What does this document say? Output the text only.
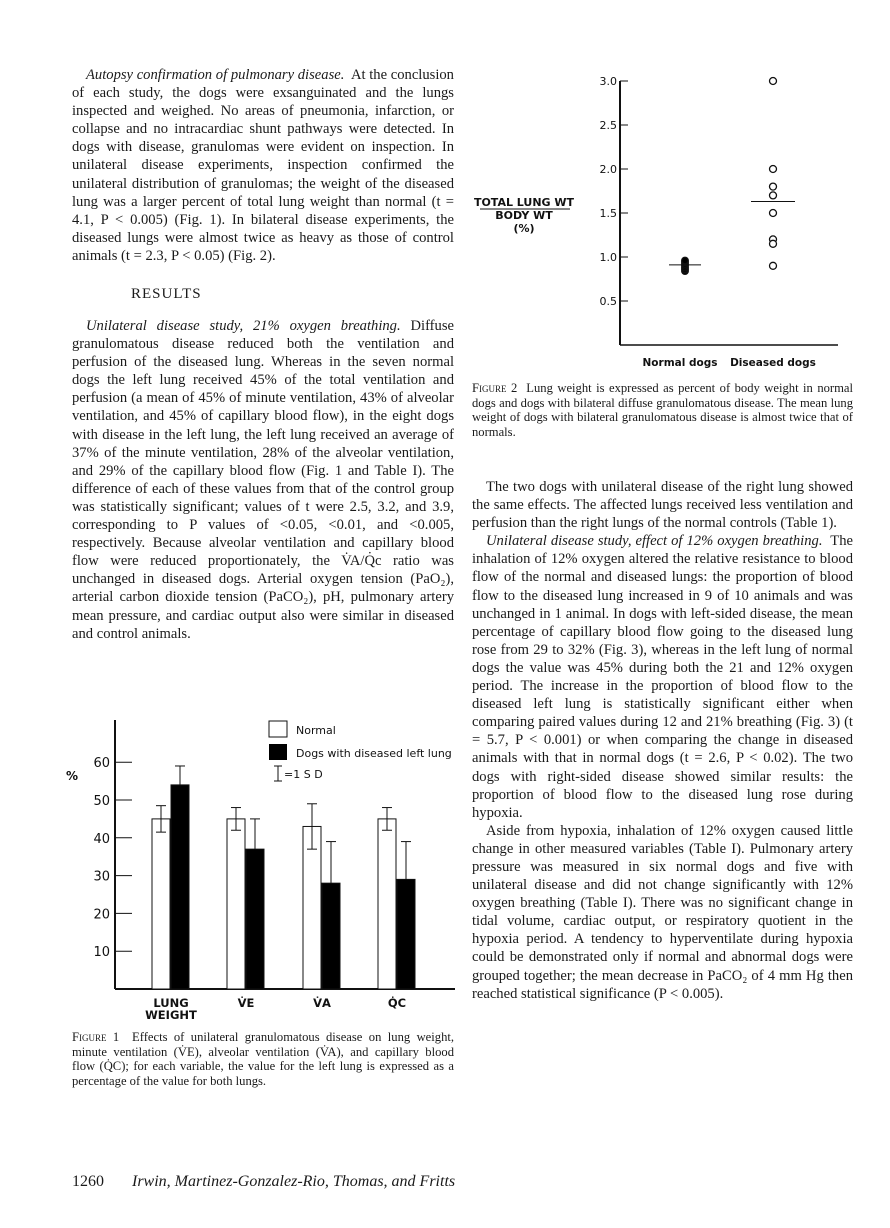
Autopsy confirmation of pulmonary disease. At the conclusion of each study, the dogs were exsanguinated and the lungs inspected and weighed. No areas of pneumonia, infarction, or collapse and no intracardiac shunt pathways were detected. In dogs with disease, granulomas were evident on inspection. In unilateral disease experiments, inspection confirmed the unilateral distribution of granulomas; the weight of the diseased lung was a larger percent of total lung weight than normal (t = 4.1, P < 0.005) (Fig. 1). In bilateral disease experiments, the diseased lungs were almost twice as heavy as those of control animals (t = 2.3, P < 0.05) (Fig. 2).

RESULTS

Unilateral disease study, 21% oxygen breathing. Diffuse granulomatous disease reduced both the ventilation and perfusion of the diseased lung. Whereas in the seven normal dogs the left lung received 45% of the total ventilation and perfusion (a mean of 45% of minute ventilation, 43% of alveolar ventilation, and 45% of capillary blood flow), in the eight dogs with disease in the left lung, the left lung received an average of 37% of the minute ventilation, 28% of the alveolar ventilation, and 29% of the capillary blood flow (Fig. 1 and Table I). The difference of each of these values from that of the control group was statistically significant; values of t were 2.5, 3.2, and 3.9, corresponding to P values of <0.05, <0.01, and <0.005, respectively. Because alveolar ventilation and capillary blood flow were reduced proportionately, the V̇A/Q̇c ratio was unchanged in diseased dogs. Arterial oxygen tension (PaO₂), arterial carbon dioxide tension (PaCO₂), pH, pulmonary artery mean pressure, and cardiac output also were similar in diseased and control animals.

10
20
30
40
50
60
%
LUNG
WEIGHT
V̇E	V̇A	Q̇C
Normal
Dogs with diseased left lung
=1 S D
Figure 1 Effects of unilateral granulomatous disease on lung weight, minute ventilation (V̇E), alveolar ventilation (V̇A), and capillary blood flow (Q̇C); for each variable, the value for the left lung is expressed as a percentage of the value for both lungs.
0.5
1.0
1.5
2.0
2.5
3.0
TOTAL LUNG WT
BODY WT
(%)
Normal dogs Diseased dogs
Figure 2 Lung weight is expressed as percent of body weight in normal dogs and dogs with bilateral diffuse granulomatous disease. The mean lung weight of dogs with bilateral granulomatous disease is almost twice that of normals.

The two dogs with unilateral disease of the right lung showed the same effects. The affected lungs received less ventilation and perfusion than the right lungs of the normal controls (Table 1).

Unilateral disease study, effect of 12% oxygen breathing. The inhalation of 12% oxygen altered the relative resistance to blood flow of the normal and diseased lungs: the proportion of blood flow to the diseased lung increased in 9 of 10 animals and was unchanged in 1 animal. In dogs with left-sided disease, the mean percentage of capillary blood flow going to the diseased lung rose from 29 to 32% (Fig. 3), whereas in the left lung of normal dogs the value was 45% during both the 21 and 12% oxygen period. The increase in the proportion of blood flow to the diseased left lung is statistically significant either when comparing paired values during 12 and 21% breathing (Fig. 3) (t = 5.7, P < 0.001) or when comparing the change in diseased animals with that in normal dogs (t = 2.6, P < 0.02). The two dogs with right-sided disease showed similar results: the proportion of blood flow to the diseased lung rose during hypoxia.

Aside from hypoxia, inhalation of 12% oxygen caused little change in other measured variables (Table I). Pulmonary artery pressure was measured in six normal dogs and five with unilateral disease and did not change significantly with 12% oxygen breathing (Table I). There was no significant change in tidal volume, cardiac output, or respiratory quotient in the hypoxia period. A tendency to hyperventilate during hypoxia could be demonstrated only if normal and abnormal dogs were grouped together; the mean decrease in PaCO₂ of 4 mm Hg then reached statistical significance (P < 0.005).

1260 Irwin, Martinez-Gonzalez-Rio, Thomas, and Fritts
